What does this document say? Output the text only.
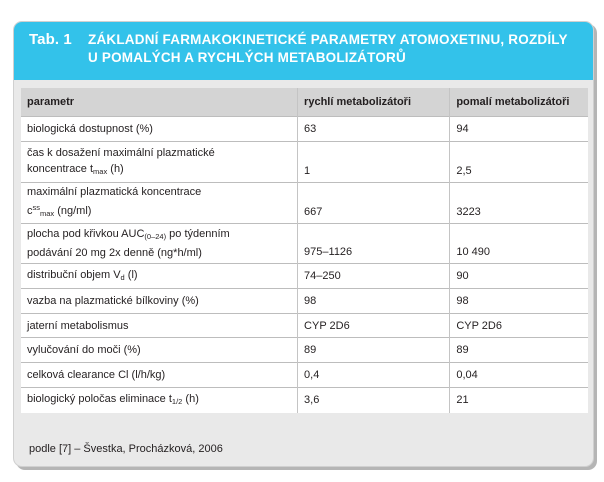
Tab. 1 ZÁKLADNÍ FARMAKOKINETICKÉ PARAMETRY ATOMOXETINU, ROZDÍLY
U POMALÝCH A RYCHLÝCH METABOLIZÁTORŮ
parametr	rychlí metabolizátoři	pomalí metabolizátoři
biologická dostupnost (%)	63	94

čas k dosažení maximální plazmatické
koncentrace $t_{max}$ (h)	1	2,5

maximální plazmatická koncentrace
$c^{ss}_{max}$ (ng/ml)	667	3223

plocha pod křivkou $AUC_{(0-24)}$ po týdenním
podávání 20 mg 2x denně (ng*h/ml)	975–1126	10 490
distribuční objem $V_d$ (l)	74–250	90
vazba na plazmatické bílkoviny (%)	98	98
jaterní metabolismus	CYP 2D6	CYP 2D6
vylučování do moči (%)	89	89
celková clearance Cl (l/h/kg)	0,4	0,04
biologický poločas eliminace $t_{1/2}$ (h)	3,6	21
podle [7] – Švestka, Procházková, 2006
